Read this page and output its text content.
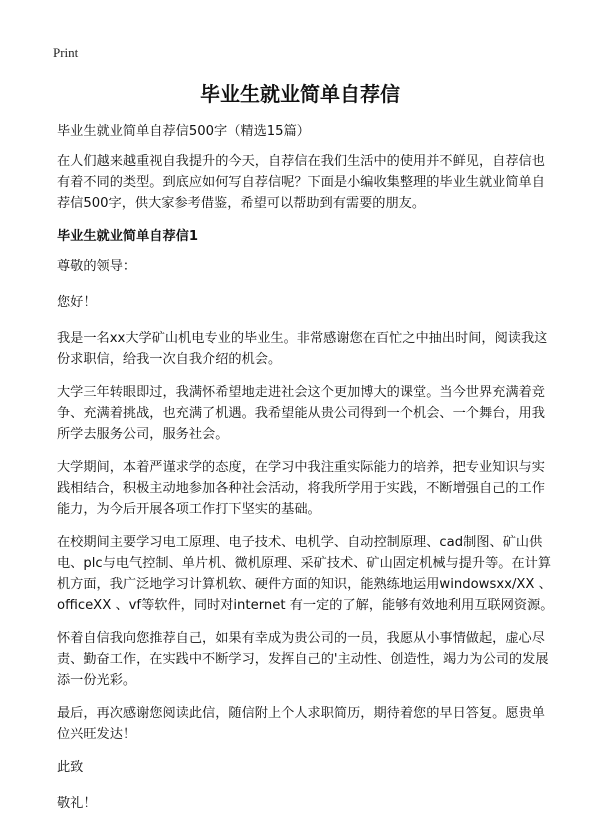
Print
毕业生就业简单自荐信

毕业生就业简单自荐信500字（精选15篇）

在人们越来越重视自我提升的今天，自荐信在我们生活中的使用并不鲜见，自荐信也有着不同的类型。到底应如何写自荐信呢？下面是小编收集整理的毕业生就业简单自荐信500字，供大家参考借鉴，希望可以帮助到有需要的朋友。

毕业生就业简单自荐信1

尊敬的领导：

您好！

我是一名xx大学矿山机电专业的毕业生。非常感谢您在百忙之中抽出时间，阅读我这份求职信，给我一次自我介绍的机会。

大学三年转眼即过，我满怀希望地走进社会这个更加博大的课堂。当今世界充满着竞争、充满着挑战，也充满了机遇。我希望能从贵公司得到一个机会、一个舞台，用我所学去服务公司，服务社会。

大学期间，本着严谨求学的态度，在学习中我注重实际能力的培养，把专业知识与实践相结合，积极主动地参加各种社会活动，将我所学用于实践，不断增强自己的工作能力，为今后开展各项工作打下坚实的基础。

在校期间主要学习电工原理、电子技术、电机学、自动控制原理、cad制图、矿山供电、plc与电气控制、单片机、微机原理、采矿技术、矿山固定机械与提升等。在计算机方面，我广泛地学习计算机软、硬件方面的知识，能熟练地运用windowsxx/XX 、officeXX 、vf等软件，同时对internet 有一定的了解，能够有效地利用互联网资源。

怀着自信我向您推荐自己，如果有幸成为贵公司的一员，我愿从小事情做起，虚心尽责、勤奋工作，在实践中不断学习，发挥自己的'主动性、创造性，竭力为公司的发展添一份光彩。

最后，再次感谢您阅读此信，随信附上个人求职简历，期待着您的早日答复。愿贵单位兴旺发达！

此致

敬礼！
